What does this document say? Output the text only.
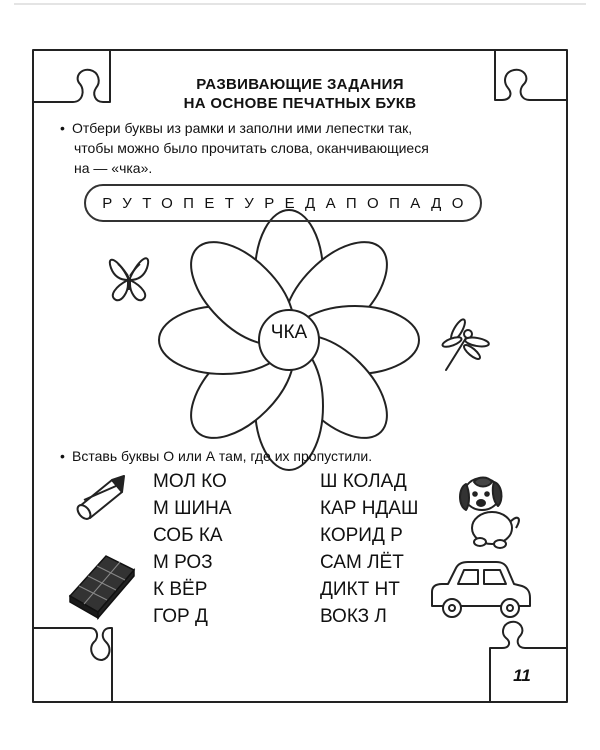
РАЗВИВАЮЩИЕ ЗАДАНИЯ
НА ОСНОВЕ ПЕЧАТНЫХ БУКВ
• Отбери буквы из рамки и заполни ими лепестки так,
чтобы можно было прочитать слова, оканчивающиеся
на — «чка».
РУТОПЕТУРЕДАПОПАДО
ЧКА
• Вставь буквы О или А там, где их пропустили.
МОЛ КО
М ШИНА
СОБ КА
М РОЗ
К ВЁР
ГОР Д
Ш КОЛАД
КАР НДАШ
КОРИД Р
САМ ЛЁТ
ДИКТ НТ
ВОКЗ Л
11
